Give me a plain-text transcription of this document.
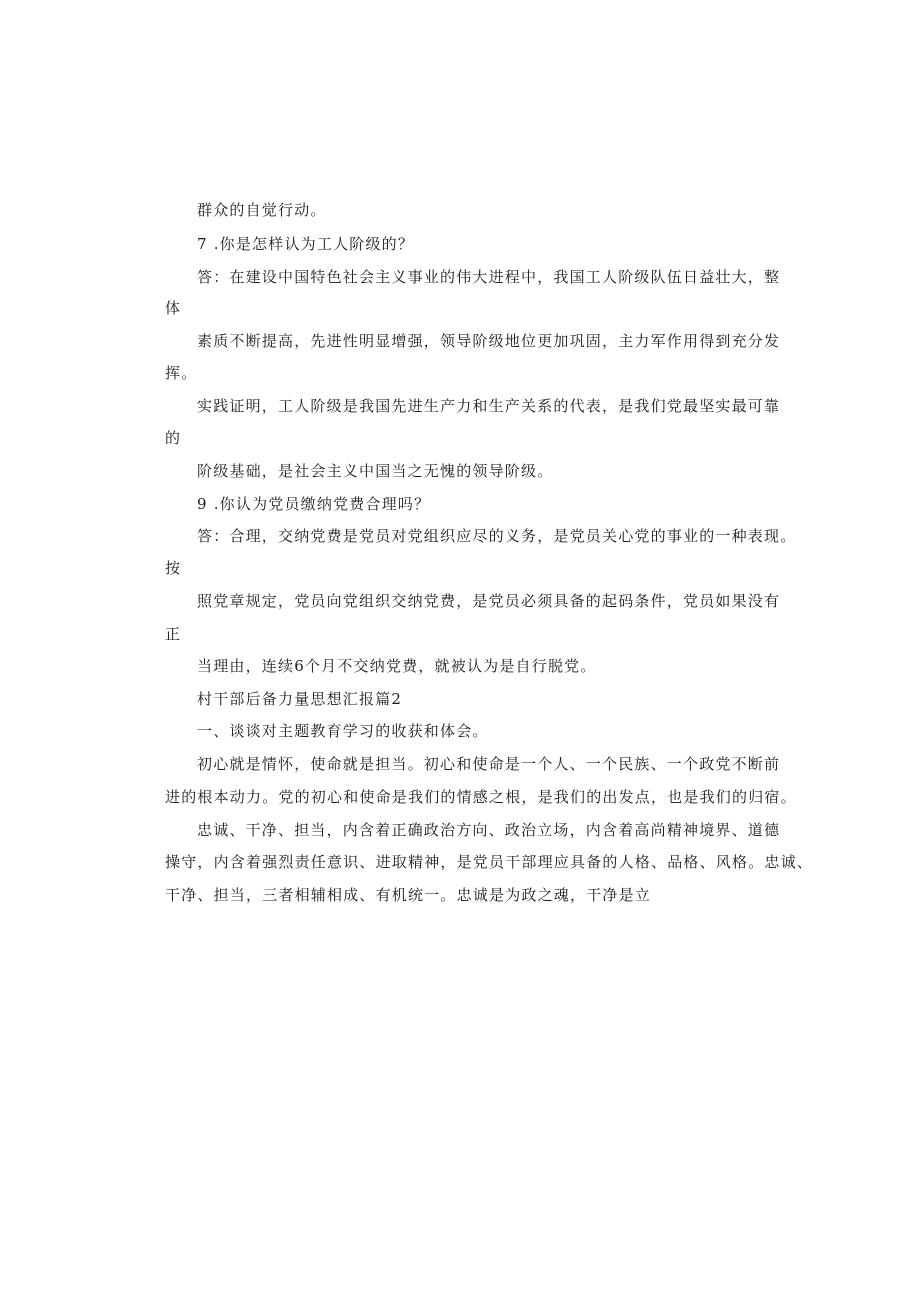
群众的自觉行动。
7 .你是怎样认为工人阶级的？
答：在建设中国特色社会主义事业的伟大进程中，我国工人阶级队伍日益壮大，整
体
素质不断提高，先进性明显增强，领导阶级地位更加巩固，主力军作用得到充分发
挥。
实践证明，工人阶级是我国先进生产力和生产关系的代表，是我们党最坚实最可靠
的
阶级基础，是社会主义中国当之无愧的领导阶级。
9 .你认为党员缴纳党费合理吗？
答：合理，交纳党费是党员对党组织应尽的义务，是党员关心党的事业的一种表现。
按
照党章规定，党员向党组织交纳党费，是党员必须具备的起码条件，党员如果没有
正
当理由，连续6个月不交纳党费，就被认为是自行脱党。
村干部后备力量思想汇报篇2
一、谈谈对主题教育学习的收获和体会。
初心就是情怀，使命就是担当。初心和使命是一个人、一个民族、一个政党不断前
进的根本动力。党的初心和使命是我们的情感之根，是我们的出发点，也是我们的归宿。
忠诚、干净、担当，内含着正确政治方向、政治立场，内含着高尚精神境界、道德
操守，内含着强烈责任意识、进取精神，是党员干部理应具备的人格、品格、风格。忠诚、
干净、担当，三者相辅相成、有机统一。忠诚是为政之魂，干净是立
